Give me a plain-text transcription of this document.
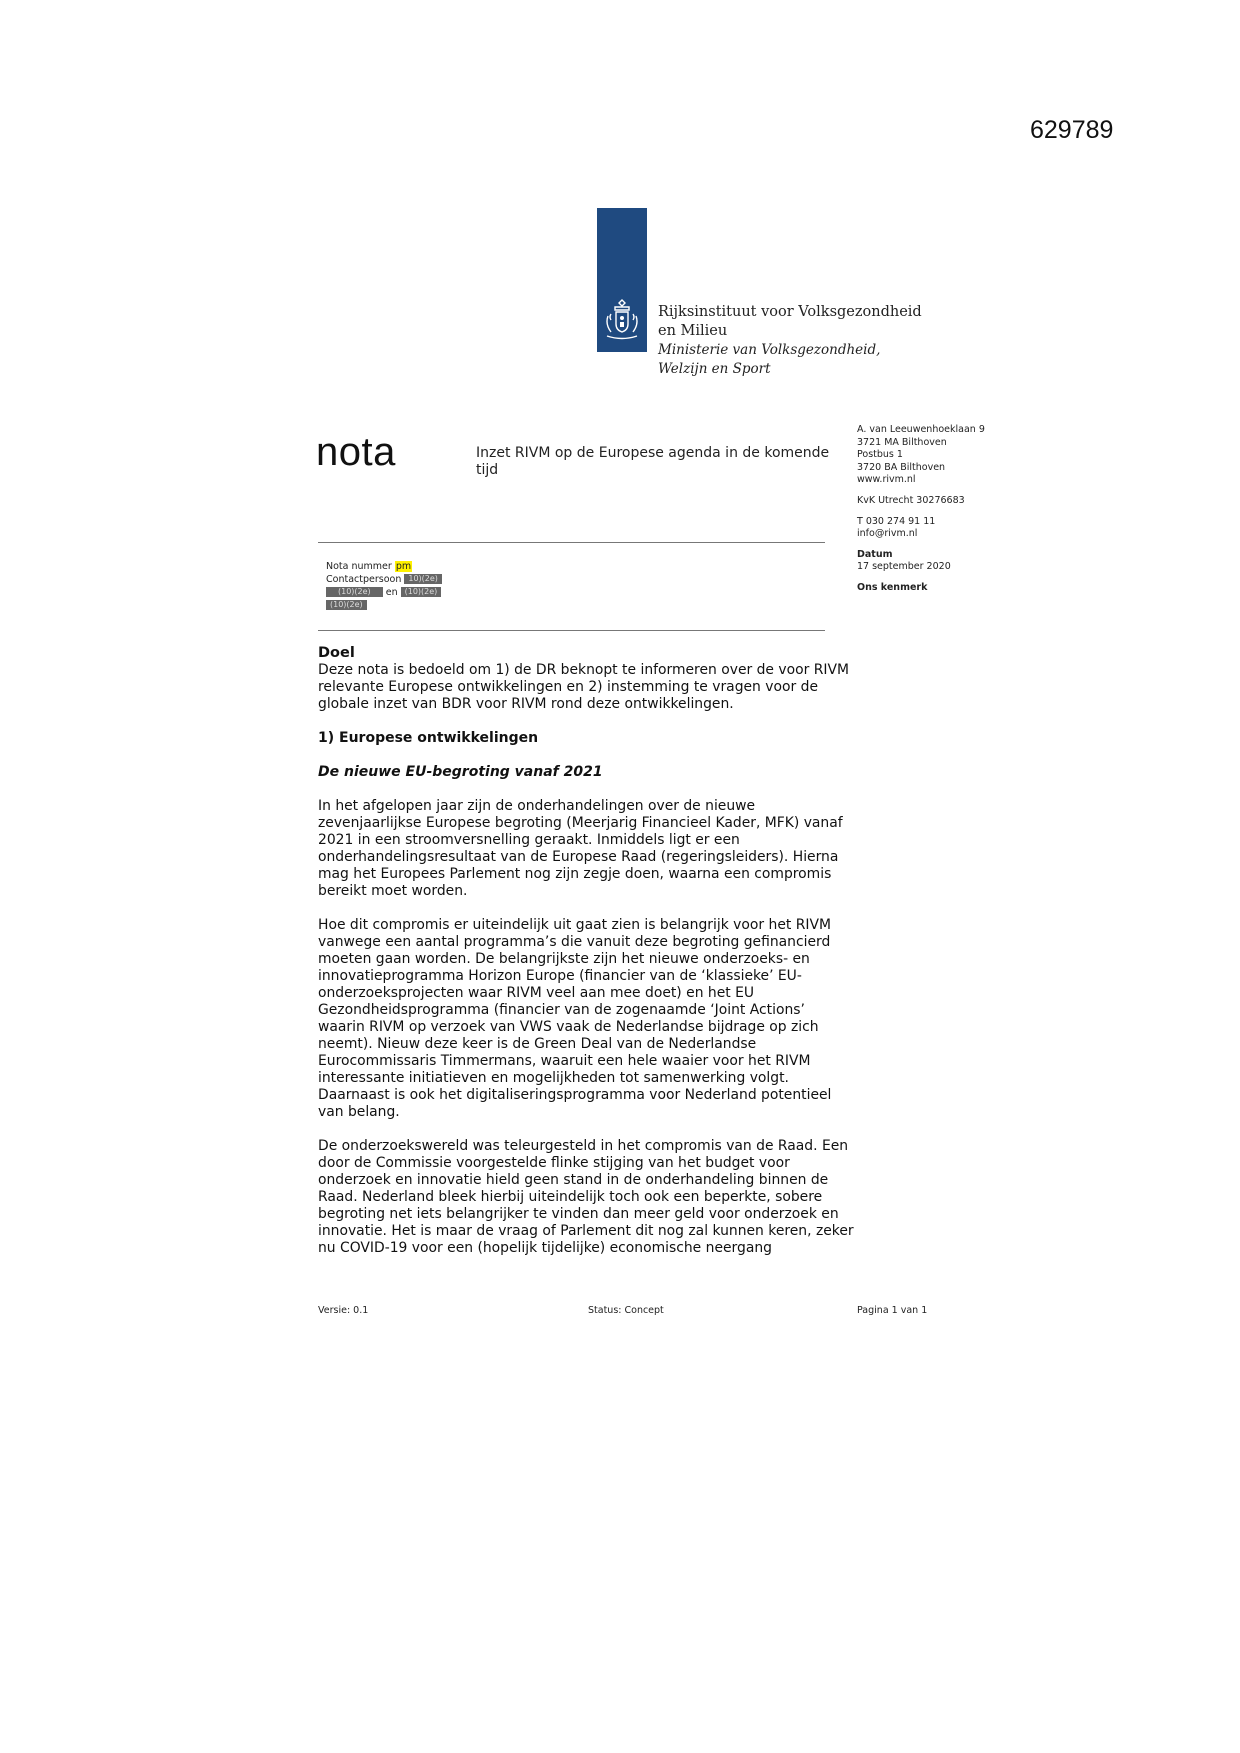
629789
Rijksinstituut voor Volksgezondheid
en Milieu
Ministerie van Volksgezondheid,
Welzijn en Sport
nota	Inzet RIVM op de Europese agenda in de komende tijd
A. van Leeuwenhoeklaan 9
3721 MA Bilthoven
Postbus 1
3720 BA Bilthoven
www.rivm.nl
KvK Utrecht 30276683
T 030 274 91 11
info@rivm.nl
Datum
17 september 2020
Ons kenmerk
Nota nummer pm
Contactpersoon 10)(2e)
(10)(2e) en (10)(2e)
(10)(2e)
Doel

Deze nota is bedoeld om 1) de DR beknopt te informeren over de voor RIVM relevante Europese ontwikkelingen en 2) instemming te vragen voor de globale inzet van BDR voor RIVM rond deze ontwikkelingen.

1) Europese ontwikkelingen
De nieuwe EU-begroting vanaf 2021

In het afgelopen jaar zijn de onderhandelingen over de nieuwe zevenjaarlijkse Europese begroting (Meerjarig Financieel Kader, MFK) vanaf 2021 in een stroomversnelling geraakt. Inmiddels ligt er een onderhandelingsresultaat van de Europese Raad (regeringsleiders). Hierna mag het Europees Parlement nog zijn zegje doen, waarna een compromis bereikt moet worden.

Hoe dit compromis er uiteindelijk uit gaat zien is belangrijk voor het RIVM vanwege een aantal programma’s die vanuit deze begroting gefinancierd moeten gaan worden. De belangrijkste zijn het nieuwe onderzoeks- en innovatieprogramma Horizon Europe (financier van de ‘klassieke’ EU-onderzoeksprojecten waar RIVM veel aan mee doet) en het EU Gezondheidsprogramma (financier van de zogenaamde ‘Joint Actions’ waarin RIVM op verzoek van VWS vaak de Nederlandse bijdrage op zich neemt). Nieuw deze keer is de Green Deal van de Nederlandse Eurocommissaris Timmermans, waaruit een hele waaier voor het RIVM interessante initiatieven en mogelijkheden tot samenwerking volgt. Daarnaast is ook het digitaliseringsprogramma voor Nederland potentieel van belang.

De onderzoekswereld was teleurgesteld in het compromis van de Raad. Een door de Commissie voorgestelde flinke stijging van het budget voor onderzoek en innovatie hield geen stand in de onderhandeling binnen de Raad. Nederland bleek hierbij uiteindelijk toch ook een beperkte, sobere begroting net iets belangrijker te vinden dan meer geld voor onderzoek en innovatie. Het is maar de vraag of Parlement dit nog zal kunnen keren, zeker nu COVID-19 voor een (hopelijk tijdelijke) economische neergang

Versie: 0.1	Status: Concept	Pagina 1 van 1
